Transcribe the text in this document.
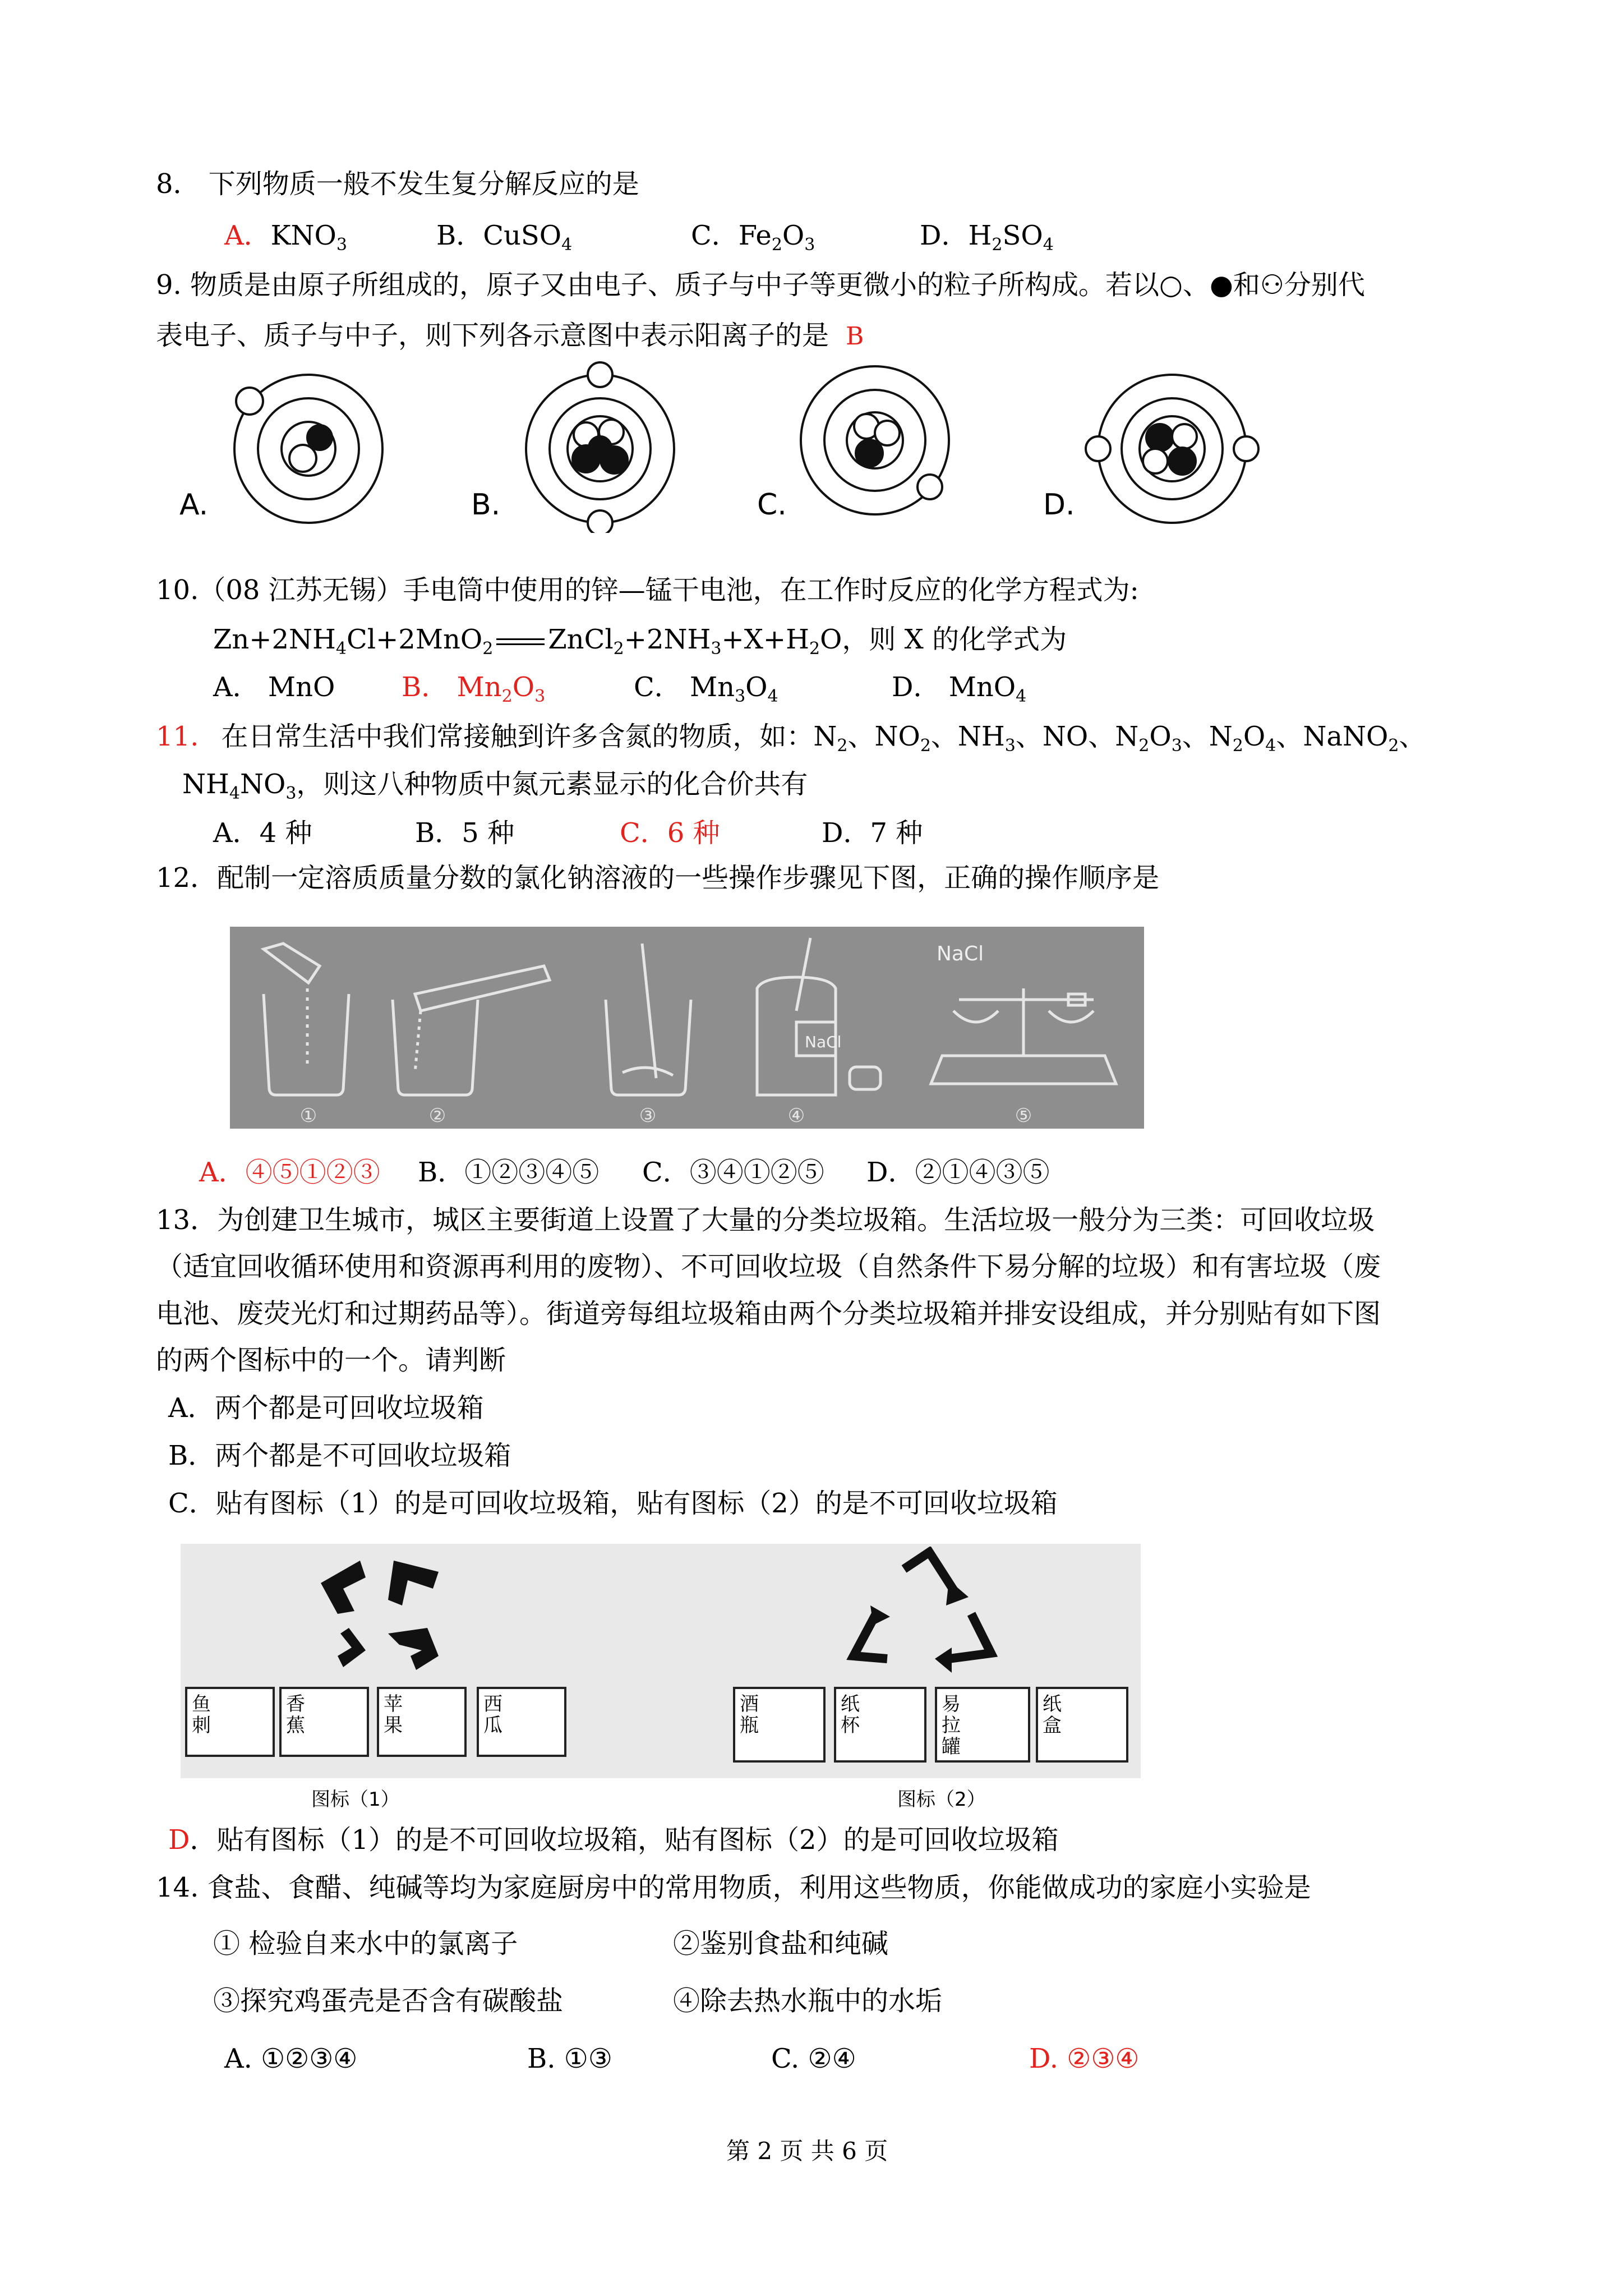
8． 下列物质一般不发生复分解反应的是
A．$KNO_3$	B．CuSO$_4$	C．$Fe_2O_3$	D．$H_2SO_4$
9. 物质是由原子所组成的，原子又由电子、质子与中子等更微小的粒子所构成。若以○、●和⚇分别代
表电子、质子与中子，则下列各示意图中表示阳离子的是 B
A.	B.	C.	D.
10.（08 江苏无锡）手电筒中使用的锌—锰干电池，在工作时反应的化学方程式为:
$Zn+2NH_4Cl+2MnO_2$ $ZnCl_2+2NH_3+X+H_2O$，则 X 的化学式为
A． MnO B． $Mn_2O_3$	C． $Mn_3O_4$	D． MnO$_4$
11. 在日常生活中我们常接触到许多含氮的物质，如：$N_2$、$NO_2$、$NH_3$、NO、$N_2O_3$、$N_2O_4$、NaNO$_2$、
$NH_4NO_3$，则这八种物质中氮元素显示的化合价共有
A．4 种	B．5 种	C．6 种	D．7 种
12．配制一定溶质质量分数的氯化钠溶液的一些操作步骤见下图，正确的操作顺序是
NaCl
NaCl
①	②	③	④	⑤
A．④⑤①②③ B．①②③④⑤ C．③④①②⑤ D．②①④③⑤
13．为创建卫生城市，城区主要街道上设置了大量的分类垃圾箱。生活垃圾一般分为三类：可回收垃圾
（适宜回收循环使用和资源再利用的废物）、不可回收垃圾（自然条件下易分解的垃圾）和有害垃圾（废
电池、废荧光灯和过期药品等）。街道旁每组垃圾箱由两个分类垃圾箱并排安设组成，并分别贴有如下图
的两个图标中的一个。请判断
A．两个都是可回收垃圾箱
B．两个都是不可回收垃圾箱
C．贴有图标（1）的是可回收垃圾箱，贴有图标（2）的是不可回收垃圾箱
鱼刺
香蕉
苹果
西瓜
酒瓶
纸杯
易拉罐
纸盒
图标（1）	图标（2）
D．贴有图标（1）的是不可回收垃圾箱，贴有图标（2）的是可回收垃圾箱
14. 食盐、食醋、纯碱等均为家庭厨房中的常用物质，利用这些物质，你能做成功的家庭小实验是
① 检验自来水中的氯离子	②鉴别食盐和纯碱
③探究鸡蛋壳是否含有碳酸盐	④除去热水瓶中的水垢
A. ①②③④	B. ①③	C. ②④	D. ②③④
第 2 页 共 6 页
